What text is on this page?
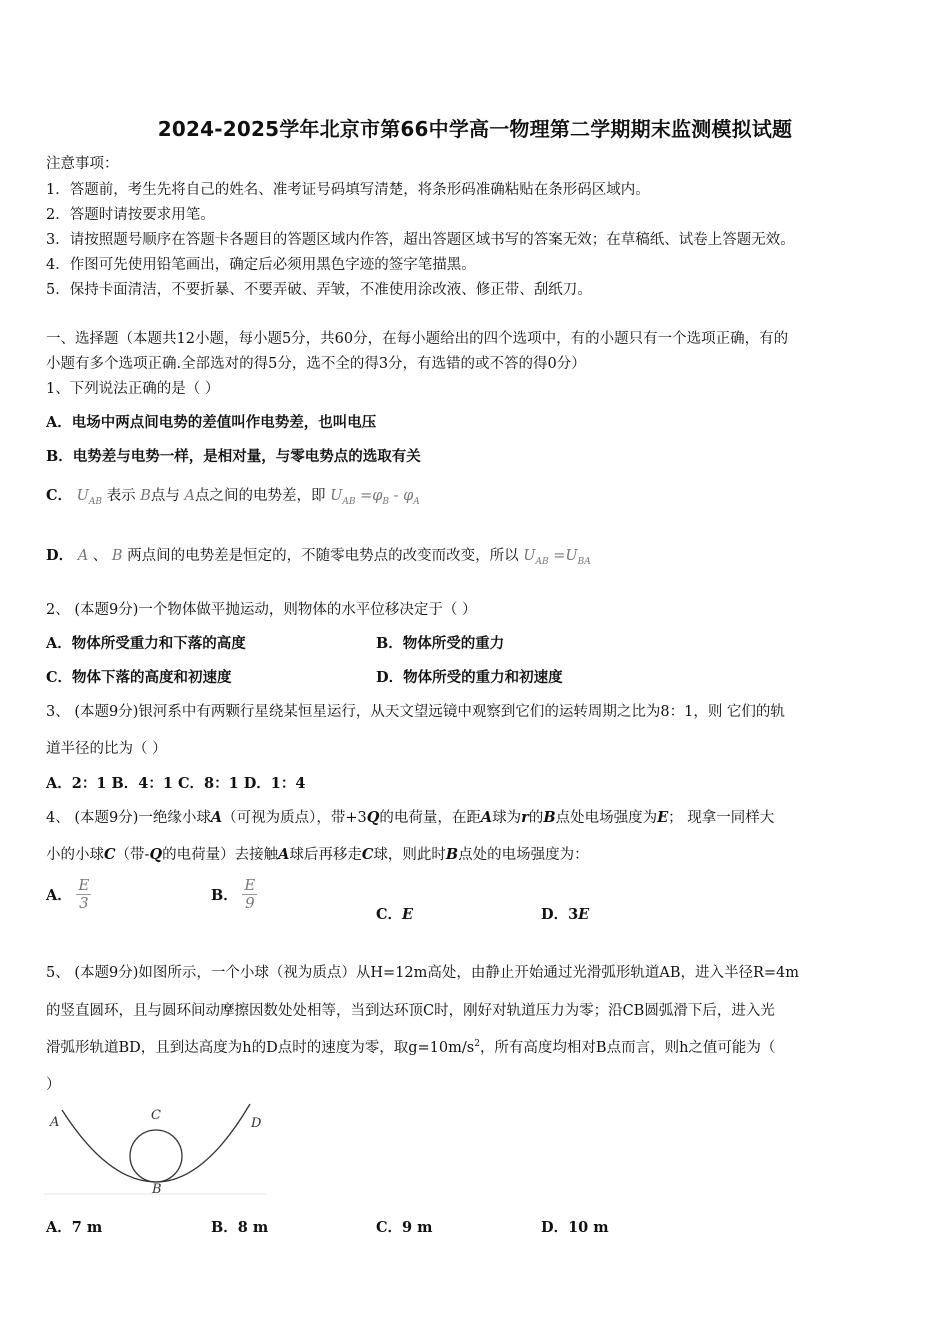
2024-2025学年北京市第66中学高一物理第二学期期末监测模拟试题
注意事项：
1．答题前，考生先将自己的姓名、准考证号码填写清楚，将条形码准确粘贴在条形码区域内。
2．答题时请按要求用笔。
3．请按照题号顺序在答题卡各题目的答题区域内作答，超出答题区域书写的答案无效；在草稿纸、试卷上答题无效。
4．作图可先使用铅笔画出，确定后必须用黑色字迹的签字笔描黑。
5．保持卡面清洁，不要折暴、不要弄破、弄皱，不准使用涂改液、修正带、刮纸刀。
一、选择题（本题共12小题，每小题5分，共60分，在每小题给出的四个选项中，有的小题只有一个选项正确，有的
小题有多个选项正确.全部选对的得5分，选不全的得3分，有选错的或不答的得0分）
1、下列说法正确的是（ ）
A．电场中两点间电势的差值叫作电势差，也叫电压
B．电势差与电势一样，是相对量，与零电势点的选取有关
C． $U_{AB}$ 表示 B点与 A点之间的电势差，即 $U_{AB} =\varphi_B - \varphi_A$
D． A 、 B 两点间的电势差是恒定的，不随零电势点的改变而改变，所以 $U_{AB} =U_{BA}$
2、 (本题9分)一个物体做平抛运动，则物体的水平位移决定于（ ）
A．物体所受重力和下落的高度	B．物体所受的重力
C．物体下落的高度和初速度	D．物体所受的重力和初速度
3、 (本题9分)银河系中有两颗行星绕某恒星运行，从天文望远镜中观察到它们的运转周期之比为8：1，则 它们的轨
道半径的比为（ ）
A．2：1 B．4：1 C．8：1 D．1：4
4、 (本题9分)一绝缘小球A（可视为质点），带+3Q的电荷量，在距A球为r的B点处电场强度为E； 现拿一同样大
小的小球C（带-Q的电荷量）去接触A球后再移走C球，则此时B点处的电场强度为：
A． $\frac{E}{3}$	B． $\frac{E}{9}$
C．E	D．3E
5、 (本题9分)如图所示，一个小球（视为质点）从H=12m高处，由静止开始通过光滑弧形轨道AB，进入半径R=4m
的竖直圆环，且与圆环间动摩擦因数处处相等，当到达环顶C时，刚好对轨道压力为零；沿CB圆弧滑下后，进入光
滑弧形轨道BD，且到达高度为h的D点时的速度为零，取$g=10m/s^2$，所有高度均相对B点而言，则h之值可能为（
）
A	C
D
B
A．7 m	B．8 m	C．9 m	D．10 m
